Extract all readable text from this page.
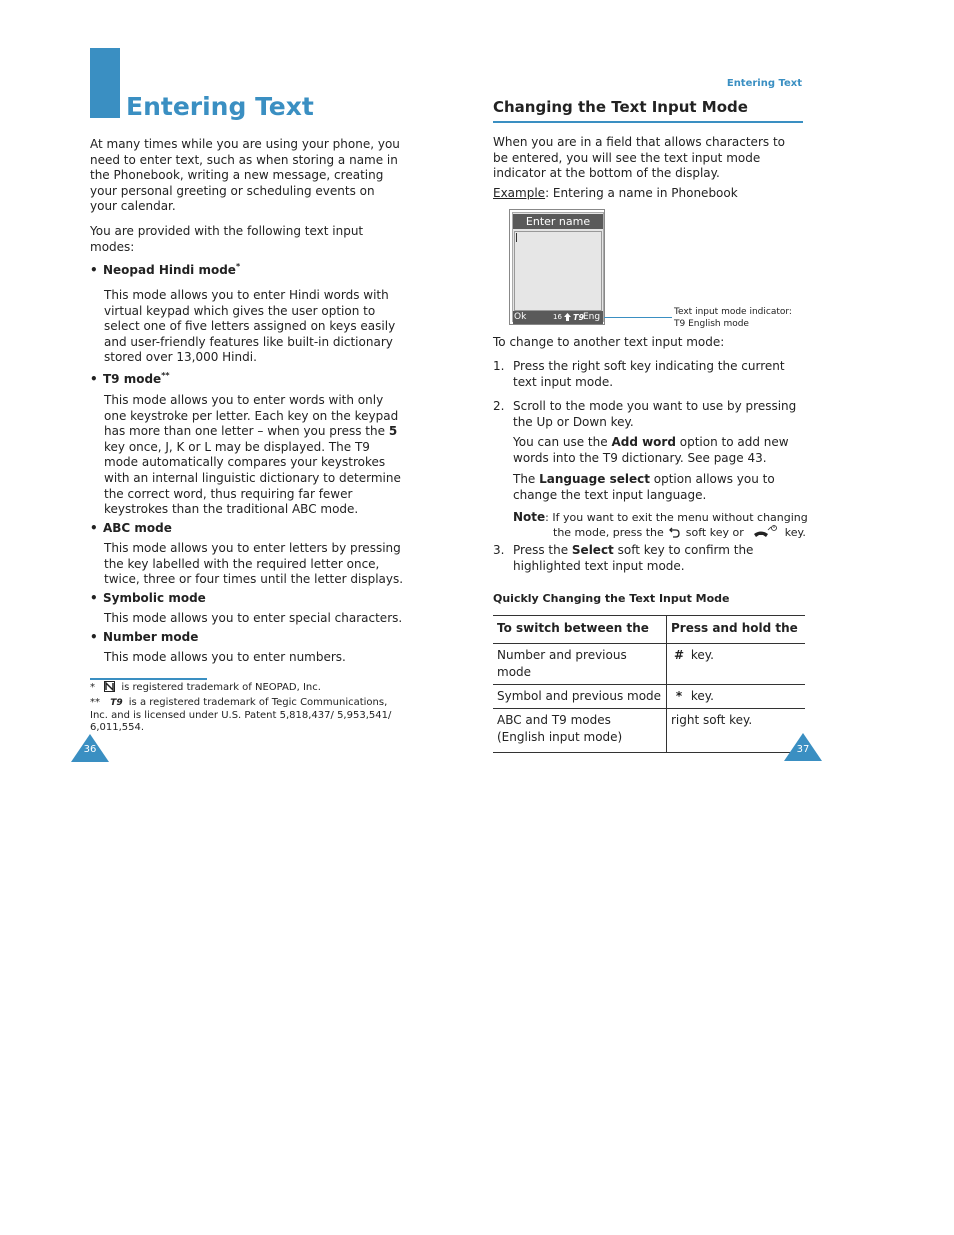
Entering Text
At many times while you are using your phone, you need to enter text, such as when storing a name in the Phonebook, writing a new message, creating your personal greeting or scheduling events on your calendar.
You are provided with the following text input modes:
• Neopad Hindi mode*
This mode allows you to enter Hindi words with virtual keypad which gives the user option to select one of five letters assigned on keys easily and user-friendly features like built-in dictionary stored over 13,000 Hindi.
• T9 mode**
This mode allows you to enter words with only one keystroke per letter. Each key on the keypad has more than one letter – when you press the 5 key once, J, K or L may be displayed. The T9 mode automatically compares your keystrokes with an internal linguistic dictionary to determine the correct word, thus requiring far fewer keystrokes than the traditional ABC mode.
• ABC mode
This mode allows you to enter letters by pressing the key labelled with the required letter once, twice, three or four times until the letter displays.
• Symbolic mode
This mode allows you to enter special characters.
• Number mode
This mode allows you to enter numbers.
*	is registered trademark of NEOPAD, Inc.
** T9 is a registered trademark of Tegic Communications, Inc. and is licensed under U.S. Patent 5,818,437/ 5,953,541/ 6,011,554.
36
Entering Text
Changing the Text Input Mode
When you are in a field that allows characters to be entered, you will see the text input mode indicator at the bottom of the display.
Example: Entering a name in Phonebook
Enter name
Ok	16 T9
Eng	Text input mode indicator:
T9 English mode
To change to another text input mode:
1. Press the right soft key indicating the current text input mode.
2. Scroll to the mode you want to use by pressing the Up or Down key.
You can use the Add word option to add new words into the T9 dictionary. See page 43.
The Language select option allows you to change the text input language.
Note: If you want to exit the menu without changing
the mode, press the soft key or	key.
3. Press the Select soft key to confirm the highlighted text input mode.
Quickly Changing the Text Input Mode
To switch between the	Press and hold the
Number and previous mode	# key.
Symbol and previous mode	* key.

ABC and T9 modes
(English input mode)	right soft key.
37
